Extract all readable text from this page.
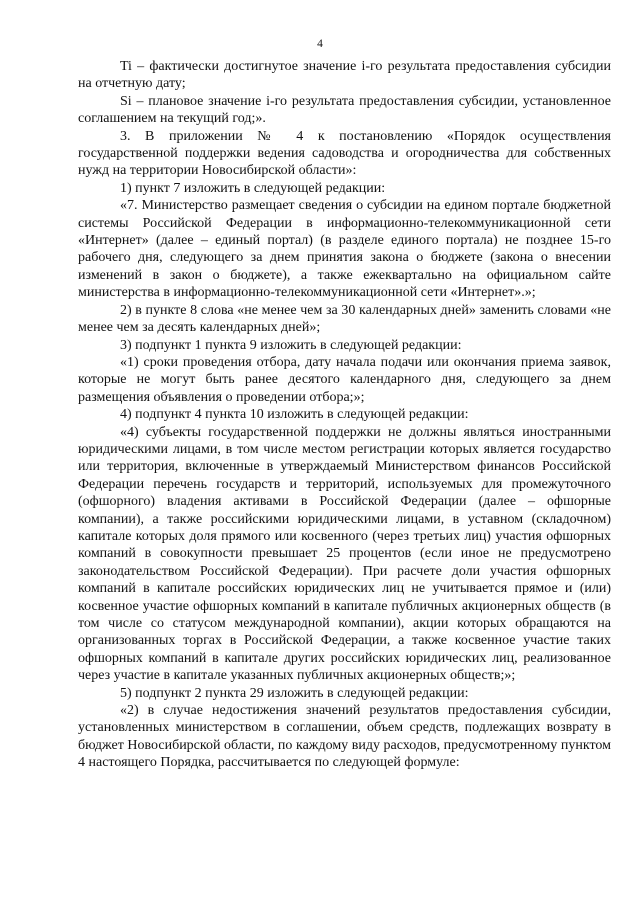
4

Ti – фактически достигнутое значение i-го результата предоставления субсидии на отчетную дату;

Si – плановое значение i-го результата предоставления субсидии, установленное соглашением на текущий год;».

3. В приложении № 4 к постановлению «Порядок осуществления государственной поддержки ведения садоводства и огородничества для собственных нужд на территории Новосибирской области»:

1) пункт 7 изложить в следующей редакции:

«7. Министерство размещает сведения о субсидии на едином портале бюджетной системы Российской Федерации в информационно-телекоммуникационной сети «Интернет» (далее – единый портал) (в разделе единого портала) не позднее 15-го рабочего дня, следующего за днем принятия закона о бюджете (закона о внесении изменений в закон о бюджете), а также ежеквартально на официальном сайте министерства в информационно-телекоммуникационной сети «Интернет».»;

2) в пункте 8 слова «не менее чем за 30 календарных дней» заменить словами «не менее чем за десять календарных дней»;

3) подпункт 1 пункта 9 изложить в следующей редакции:

«1) сроки проведения отбора, дату начала подачи или окончания приема заявок, которые не могут быть ранее десятого календарного дня, следующего за днем размещения объявления о проведении отбора;»;

4) подпункт 4 пункта 10 изложить в следующей редакции:

«4) субъекты государственной поддержки не должны являться иностранными юридическими лицами, в том числе местом регистрации которых является государство или территория, включенные в утверждаемый Министерством финансов Российской Федерации перечень государств и территорий, используемых для промежуточного (офшорного) владения активами в Российской Федерации (далее – офшорные компании), а также российскими юридическими лицами, в уставном (складочном) капитале которых доля прямого или косвенного (через третьих лиц) участия офшорных компаний в совокупности превышает 25 процентов (если иное не предусмотрено законодательством Российской Федерации). При расчете доли участия офшорных компаний в капитале российских юридических лиц не учитывается прямое и (или) косвенное участие офшорных компаний в капитале публичных акционерных обществ (в том числе со статусом международной компании), акции которых обращаются на организованных торгах в Российской Федерации, а также косвенное участие таких офшорных компаний в капитале других российских юридических лиц, реализованное через участие в капитале указанных публичных акционерных обществ;»;

5) подпункт 2 пункта 29 изложить в следующей редакции:

«2) в случае недостижения значений результатов предоставления субсидии, установленных министерством в соглашении, объем средств, подлежащих возврату в бюджет Новосибирской области, по каждому виду расходов, предусмотренному пунктом 4 настоящего Порядка, рассчитывается по следующей формуле:
